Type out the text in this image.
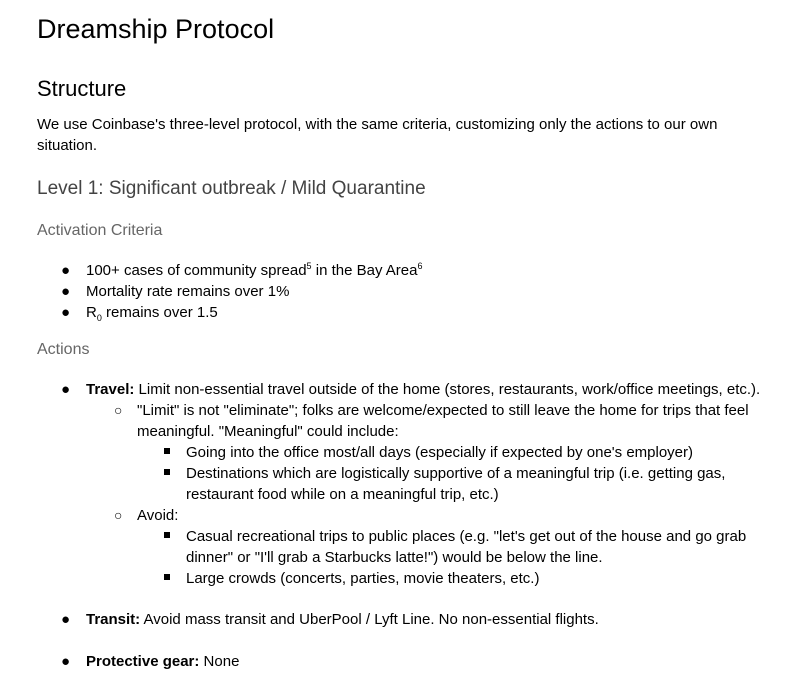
Dreamship Protocol
Structure
We use Coinbase's three-level protocol, with the same criteria, customizing only the actions to our own
situation.
Level 1: Significant outbreak / Mild Quarantine
Activation Criteria
● 100+ cases of community spread$^5$ in the Bay Area$^6$
● Mortality rate remains over 1%
● $R_0$ remains over 1.5
Actions
● Travel: Limit non-essential travel outside of the home (stores, restaurants, work/office meetings, etc.).
○ "Limit" is not "eliminate"; folks are welcome/expected to still leave the home for trips that feel
meaningful. "Meaningful" could include:
Going into the office most/all days (especially if expected by one's employer)
Destinations which are logistically supportive of a meaningful trip (i.e. getting gas,
restaurant food while on a meaningful trip, etc.)
○ Avoid:
Casual recreational trips to public places (e.g. "let's get out of the house and go grab
dinner" or "I'll grab a Starbucks latte!") would be below the line.
Large crowds (concerts, parties, movie theaters, etc.)
● Transit: Avoid mass transit and UberPool / Lyft Line. No non-essential flights.
● Protective gear: None
